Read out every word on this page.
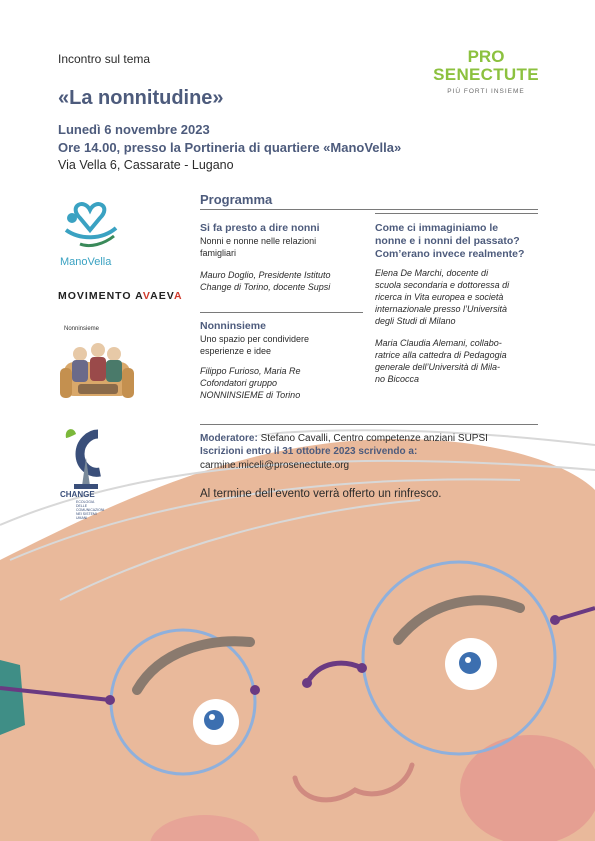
Incontro sul tema
«La nonnitudine»
Lunedì 6 novembre 2023
Ore 14.00, presso la Portineria di quartiere «ManoVella»
Via Vella 6, Cassarate - Lugano
PRO
SENECTUTE
PIÙ FORTI INSIEME
Programma
Si fa presto a dire nonni
Nonni e nonne nelle relazioni
famigliari
Mauro Doglio, Presidente Istituto
Change di Torino, docente Supsi
Nonninsieme
Uno spazio per condividere
esperienze e idee
Filippo Furioso, Maria Re
Cofondatori gruppo
NONNINSIEME di Torino
Come ci immaginiamo le
nonne e i nonni del passato?
Com’erano invece realmente?
Elena De Marchi, docente di
scuola secondaria e dottoressa di
ricerca in Vita europea e società
internazionale presso l’Università
degli Studi di Milano
Maria Claudia Alemani, collabo-
ratrice alla cattedra di Pedagogia
generale dell’Università di Mila-
no Bicocca
Moderatore: Stefano Cavalli, Centro competenze anziani SUPSI
Iscrizioni entro il 31 ottobre 2023 scrivendo a:
carmine.miceli@prosenectute.org
Al termine dell’evento verrà offerto un rinfresco.
ManoVella
MOVIMENTO AVAEVA
Nonninsieme
CHANGE
ECOLOGIA DELLE COMUNICAZIONI NEI SISTEMI UMANI
